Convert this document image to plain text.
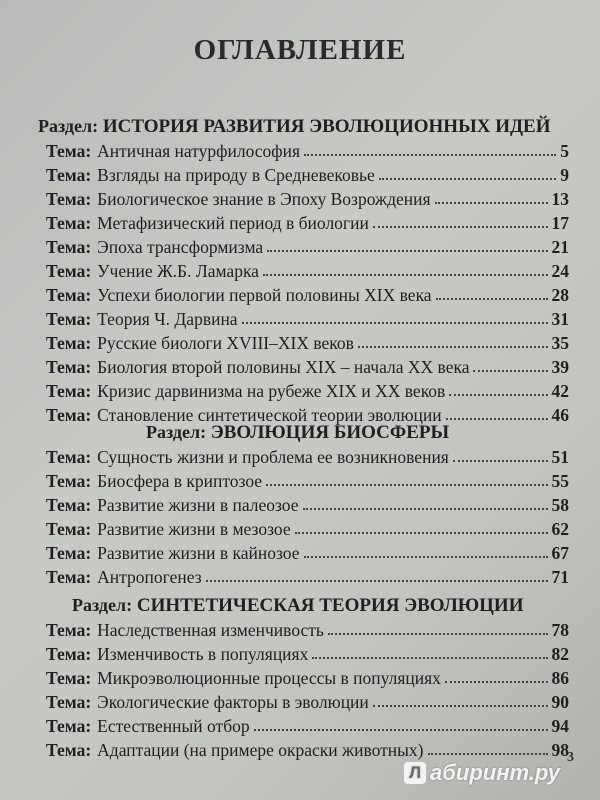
ОГЛАВЛЕНИЕ
Раздел: ИСТОРИЯ РАЗВИТИЯ ЭВОЛЮЦИОННЫХ ИДЕЙ
Тема: Античная натурфилософия	5
Тема: Взгляды на природу в Средневековье	9
Тема: Биологическое знание в Эпоху Возрождения	13
Тема: Метафизический период в биологии	17
Тема: Эпоха трансформизма	21
Тема: Учение Ж.Б. Ламарка	24
Тема: Успехи биологии первой половины XIX века	28
Тема: Теория Ч. Дарвина	31
Тема: Русские биологи XVIII–XIX веков	35
Тема: Биология второй половины XIX – начала XX века	39
Тема: Кризис дарвинизма на рубеже XIX и XX веков	42
Тема: Становление синтетической теории эволюции	46
Раздел: ЭВОЛЮЦИЯ БИОСФЕРЫ
Тема: Сущность жизни и проблема ее возникновения	51
Тема: Биосфера в криптозое	55
Тема: Развитие жизни в палеозое	58
Тема: Развитие жизни в мезозое	62
Тема: Развитие жизни в кайнозое	67
Тема: Антропогенез	71
Раздел: СИНТЕТИЧЕСКАЯ ТЕОРИЯ ЭВОЛЮЦИИ
Тема: Наследственная изменчивость	78
Тема: Изменчивость в популяциях	82
Тема: Микроэволюционные процессы в популяциях	86
Тема: Экологические факторы в эволюции	90
Тема: Естественный отбор	94
Тема: Адаптации (на примере окраски животных)	98
3
Л абиринт.ру
